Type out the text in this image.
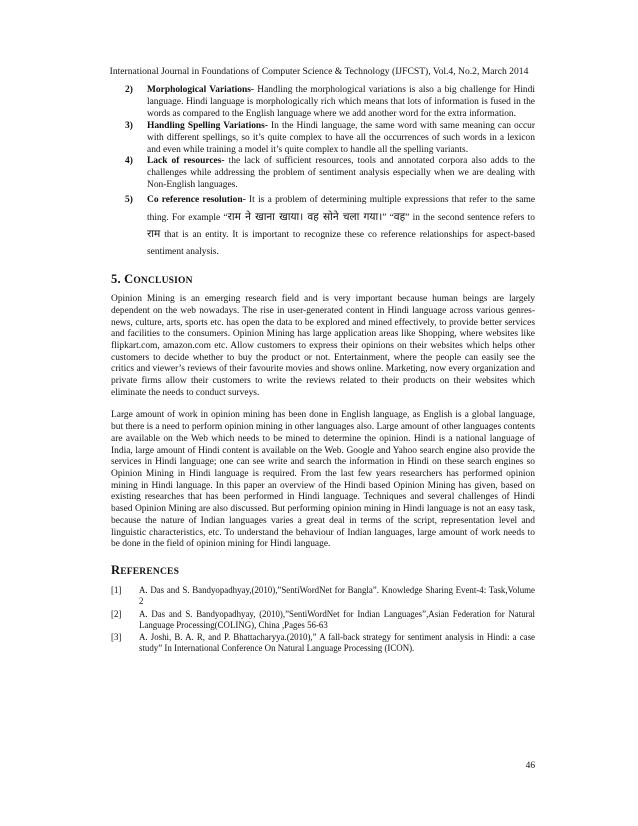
International Journal in Foundations of Computer Science & Technology (IJFCST), Vol.4, No.2, March 2014
2) Morphological Variations- Handling the morphological variations is also a big challenge for Hindi language. Hindi language is morphologically rich which means that lots of information is fused in the words as compared to the English language where we add another word for the extra information.
3) Handling Spelling Variations- In the Hindi language, the same word with same meaning can occur with different spellings, so it’s quite complex to have all the occurrences of such words in a lexicon and even while training a model it’s quite complex to handle all the spelling variants.
4) Lack of resources- the lack of sufficient resources, tools and annotated corpora also adds to the challenges while addressing the problem of sentiment analysis especially when we are dealing with Non-English languages.
5) Co reference resolution- It is a problem of determining multiple expressions that refer to the same thing. For example “राम ने खाना खाया। वह सोने चला गया।” “वह” in the second sentence refers to राम that is an entity. It is important to recognize these co reference relationships for aspect-based sentiment analysis.
5. CONCLUSION

Opinion Mining is an emerging research field and is very important because human beings are largely dependent on the web nowadays. The rise in user-generated content in Hindi language across various genres- news, culture, arts, sports etc. has open the data to be explored and mined effectively, to provide better services and facilities to the consumers. Opinion Mining has large application areas like Shopping, where websites like flipkart.com, amazon.com etc. Allow customers to express their opinions on their websites which helps other customers to decide whether to buy the product or not. Entertainment, where the people can easily see the critics and viewer’s reviews of their favourite movies and shows online. Marketing, now every organization and private firms allow their customers to write the reviews related to their products on their websites which eliminate the needs to conduct surveys.

Large amount of work in opinion mining has been done in English language, as English is a global language, but there is a need to perform opinion mining in other languages also. Large amount of other languages contents are available on the Web which needs to be mined to determine the opinion. Hindi is a national language of India, large amount of Hindi content is available on the Web. Google and Yahoo search engine also provide the services in Hindi language; one can see write and search the information in Hindi on these search engines so Opinion Mining in Hindi language is required. From the last few years researchers has performed opinion mining in Hindi language. In this paper an overview of the Hindi based Opinion Mining has given, based on existing researches that has been performed in Hindi language. Techniques and several challenges of Hindi based Opinion Mining are also discussed. But performing opinion mining in Hindi language is not an easy task, because the nature of Indian languages varies a great deal in terms of the script, representation level and linguistic characteristics, etc. To understand the behaviour of Indian languages, large amount of work needs to be done in the field of opinion mining for Hindi language.

REFERENCES
[1] A. Das and S. Bandyopadhyay,(2010),”SentiWordNet for Bangla”. Knowledge Sharing Event-4: Task,Volume 2
[2] A. Das and S. Bandyopadhyay, (2010),”SentiWordNet for Indian Languages”,Asian Federation for Natural Language Processing(COLING), China ,Pages 56-63
[3] A. Joshi, B. A. R, and P. Bhattacharyya.(2010),” A fall-back strategy for sentiment analysis in Hindi: a case study” In International Conference On Natural Language Processing (ICON).
46
